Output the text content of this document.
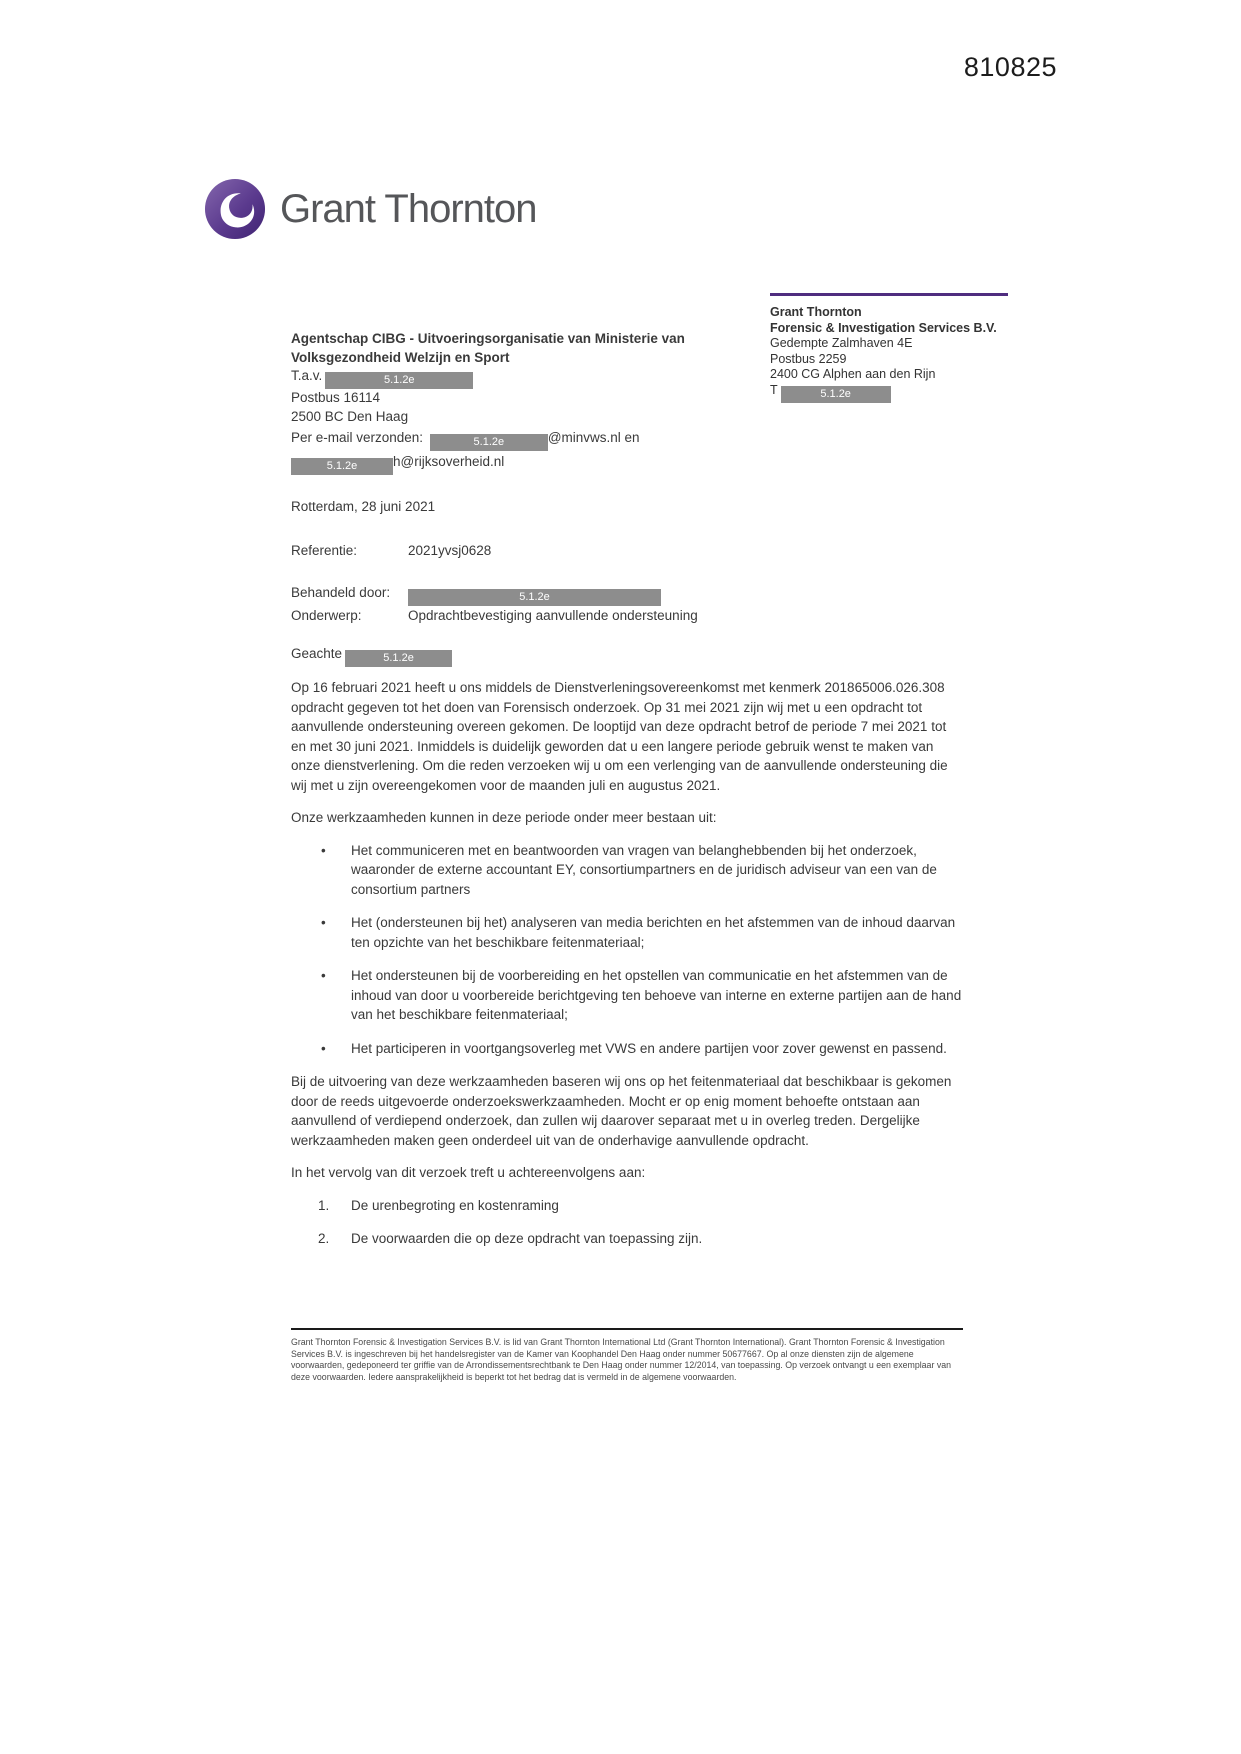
810825
Grant Thornton
Grant Thornton
Forensic & Investigation Services B.V.
Gedempte Zalmhaven 4E
Postbus 2259
2400 CG Alphen aan den Rijn
T	5.1.2e
Agentschap CIBG - Uitvoeringsorganisatie van Ministerie van
Volksgezondheid Welzijn en Sport
T.a.v.	5.1.2e
Postbus 16114
2500 BC Den Haag
Per e-mail verzonden:	5.1.2e	@minvws.nl en
5.1.2e	h@rijksoverheid.nl
Rotterdam, 28 juni 2021
Referentie:	2021yvsj0628
Behandeld door:	5.1.2e
Onderwerp:	Opdrachtbevestiging aanvullende ondersteuning
Geachte	5.1.2e

Op 16 februari 2021 heeft u ons middels de Dienstverleningsovereenkomst met kenmerk 201865006.026.308 opdracht gegeven tot het doen van Forensisch onderzoek. Op 31 mei 2021 zijn wij met u een opdracht tot aanvullende ondersteuning overeen gekomen. De looptijd van deze opdracht betrof de periode 7 mei 2021 tot en met 30 juni 2021. Inmiddels is duidelijk geworden dat u een langere periode gebruik wenst te maken van onze dienstverlening. Om die reden verzoeken wij u om een verlenging van de aanvullende ondersteuning die wij met u zijn overeengekomen voor de maanden juli en augustus 2021.

Onze werkzaamheden kunnen in deze periode onder meer bestaan uit:

• Het communiceren met en beantwoorden van vragen van belanghebbenden bij het onderzoek, waaronder de externe accountant EY, consortiumpartners en de juridisch adviseur van een van de consortium partners
• Het (ondersteunen bij het) analyseren van media berichten en het afstemmen van de inhoud daarvan ten opzichte van het beschikbare feitenmateriaal;
• Het ondersteunen bij de voorbereiding en het opstellen van communicatie en het afstemmen van de inhoud van door u voorbereide berichtgeving ten behoeve van interne en externe partijen aan de hand van het beschikbare feitenmateriaal;
• Het participeren in voortgangsoverleg met VWS en andere partijen voor zover gewenst en passend.

Bij de uitvoering van deze werkzaamheden baseren wij ons op het feitenmateriaal dat beschikbaar is gekomen door de reeds uitgevoerde onderzoekswerkzaamheden. Mocht er op enig moment behoefte ontstaan aan aanvullend of verdiepend onderzoek, dan zullen wij daarover separaat met u in overleg treden. Dergelijke werkzaamheden maken geen onderdeel uit van de onderhavige aanvullende opdracht.

In het vervolg van dit verzoek treft u achtereenvolgens aan:

1. De urenbegroting en kostenraming
2. De voorwaarden die op deze opdracht van toepassing zijn.
Grant Thornton Forensic & Investigation Services B.V. is lid van Grant Thornton International Ltd (Grant Thornton International). Grant Thornton Forensic & Investigation Services B.V. is ingeschreven bij het handelsregister van de Kamer van Koophandel Den Haag onder nummer 50677667. Op al onze diensten zijn de algemene voorwaarden, gedeponeerd ter griffie van de Arrondissementsrechtbank te Den Haag onder nummer 12/2014, van toepassing. Op verzoek ontvangt u een exemplaar van deze voorwaarden. Iedere aansprakelijkheid is beperkt tot het bedrag dat is vermeld in de algemene voorwaarden.
